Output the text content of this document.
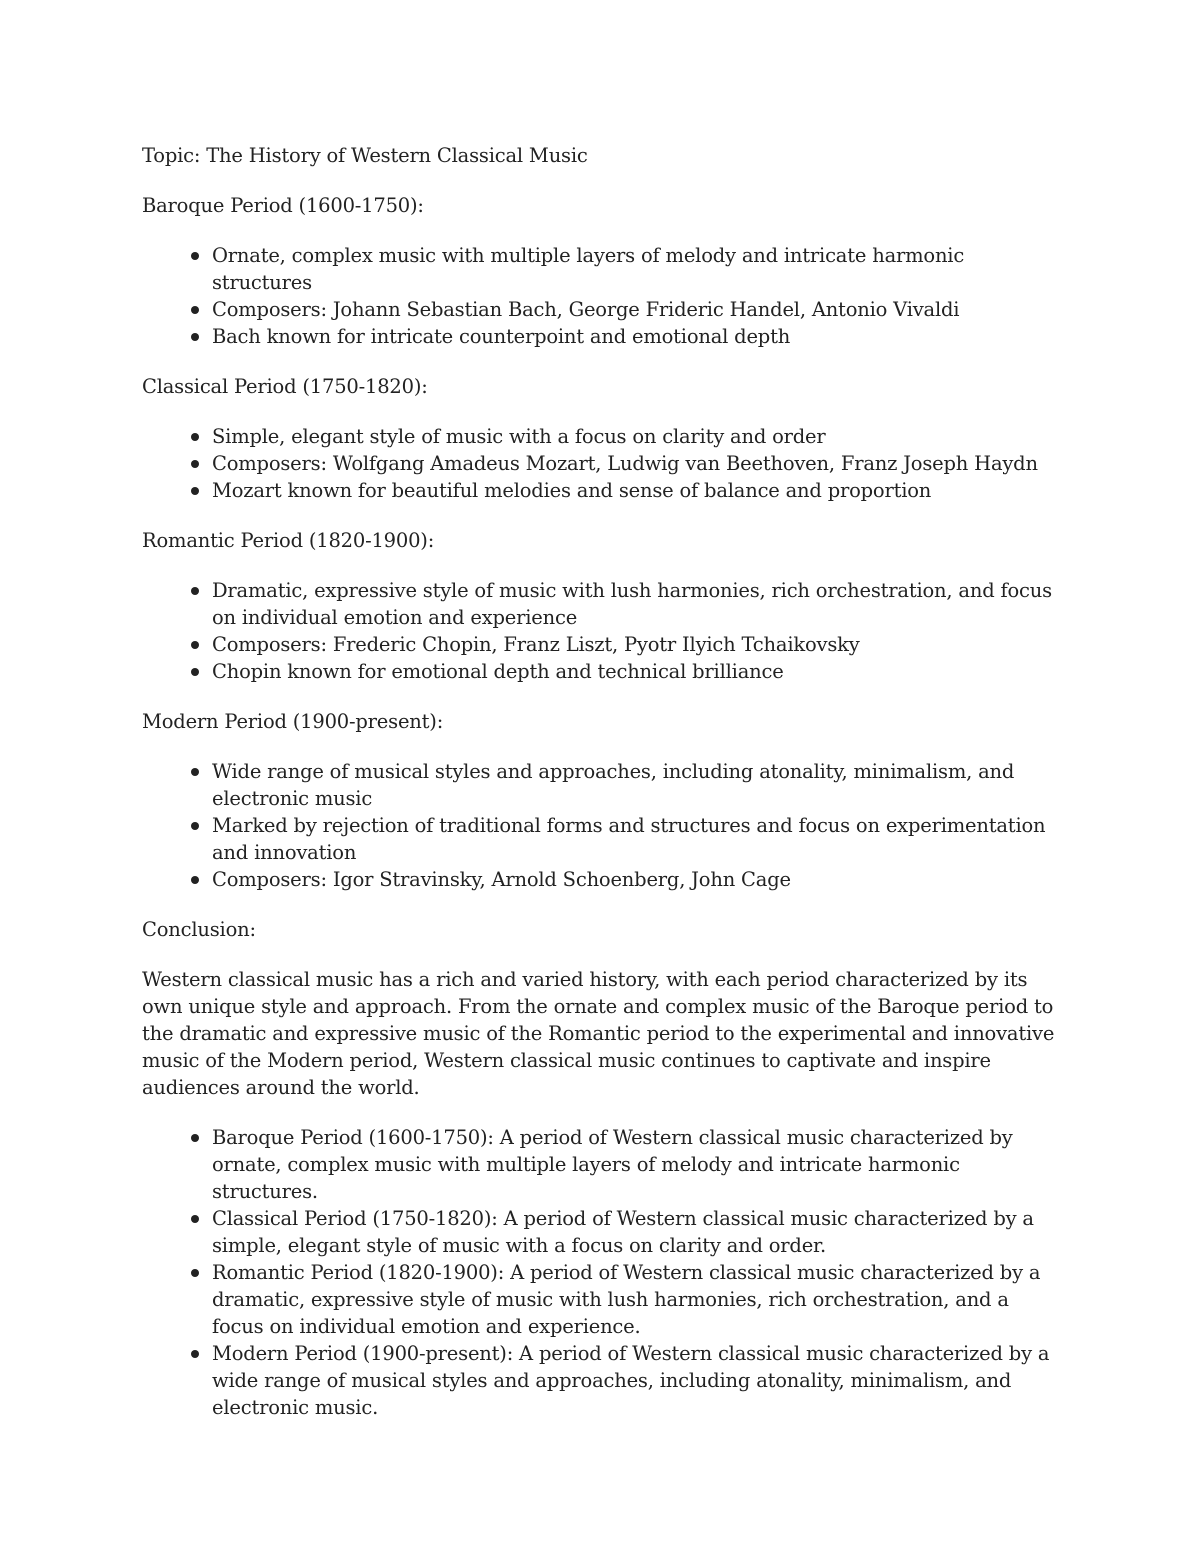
Topic: The History of Western Classical Music

Baroque Period (1600-1750):

Ornate, complex music with multiple layers of melody and intricate harmonic structures
Composers: Johann Sebastian Bach, George Frideric Handel, Antonio Vivaldi
Bach known for intricate counterpoint and emotional depth

Classical Period (1750-1820):

Simple, elegant style of music with a focus on clarity and order
Composers: Wolfgang Amadeus Mozart, Ludwig van Beethoven, Franz Joseph Haydn
Mozart known for beautiful melodies and sense of balance and proportion

Romantic Period (1820-1900):

Dramatic, expressive style of music with lush harmonies, rich orchestration, and focus on individual emotion and experience
Composers: Frederic Chopin, Franz Liszt, Pyotr Ilyich Tchaikovsky
Chopin known for emotional depth and technical brilliance

Modern Period (1900-present):

Wide range of musical styles and approaches, including atonality, minimalism, and electronic music
Marked by rejection of traditional forms and structures and focus on experimentation and innovation
Composers: Igor Stravinsky, Arnold Schoenberg, John Cage

Conclusion:

Western classical music has a rich and varied history, with each period characterized by its own unique style and approach. From the ornate and complex music of the Baroque period to the dramatic and expressive music of the Romantic period to the experimental and innovative music of the Modern period, Western classical music continues to captivate and inspire audiences around the world.

Baroque Period (1600-1750): A period of Western classical music characterized by ornate, complex music with multiple layers of melody and intricate harmonic structures.
Classical Period (1750-1820): A period of Western classical music characterized by a simple, elegant style of music with a focus on clarity and order.
Romantic Period (1820-1900): A period of Western classical music characterized by a dramatic, expressive style of music with lush harmonies, rich orchestration, and a focus on individual emotion and experience.
Modern Period (1900-present): A period of Western classical music characterized by a wide range of musical styles and approaches, including atonality, minimalism, and electronic music.
